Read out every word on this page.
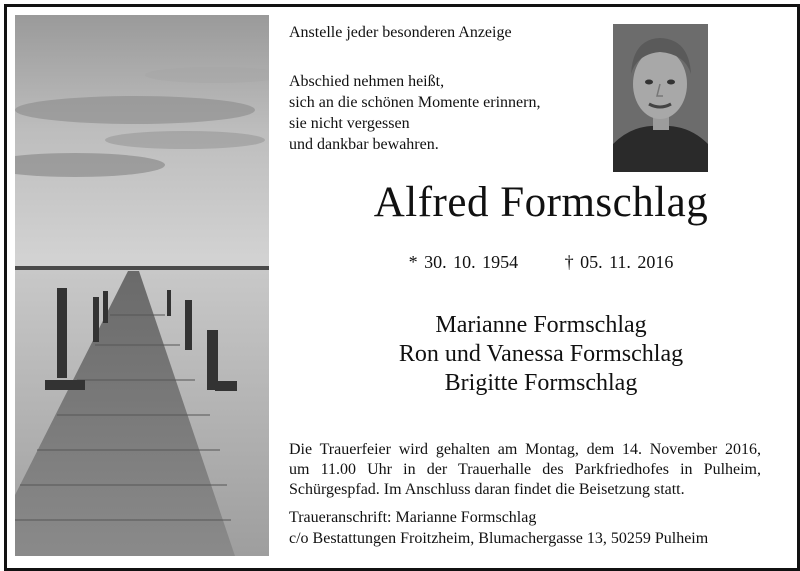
Anstelle jeder besonderen Anzeige
Abschied nehmen heißt,
sich an die schönen Momente erinnern,
sie nicht vergessen
und dankbar bewahren.
Alfred Formschlag
* 30. 10. 1954	† 05. 11. 2016
Marianne Formschlag
Ron und Vanessa Formschlag
Brigitte Formschlag
Die Trauerfeier wird gehalten am Montag, dem 14. November 2016,
um 11.00 Uhr in der Trauerhalle des Parkfriedhofes in Pulheim,
Schürgespfad. Im Anschluss daran findet die Beisetzung statt.
Traueranschrift: Marianne Formschlag
c/o Bestattungen Froitzheim, Blumachergasse 13, 50259 Pulheim
